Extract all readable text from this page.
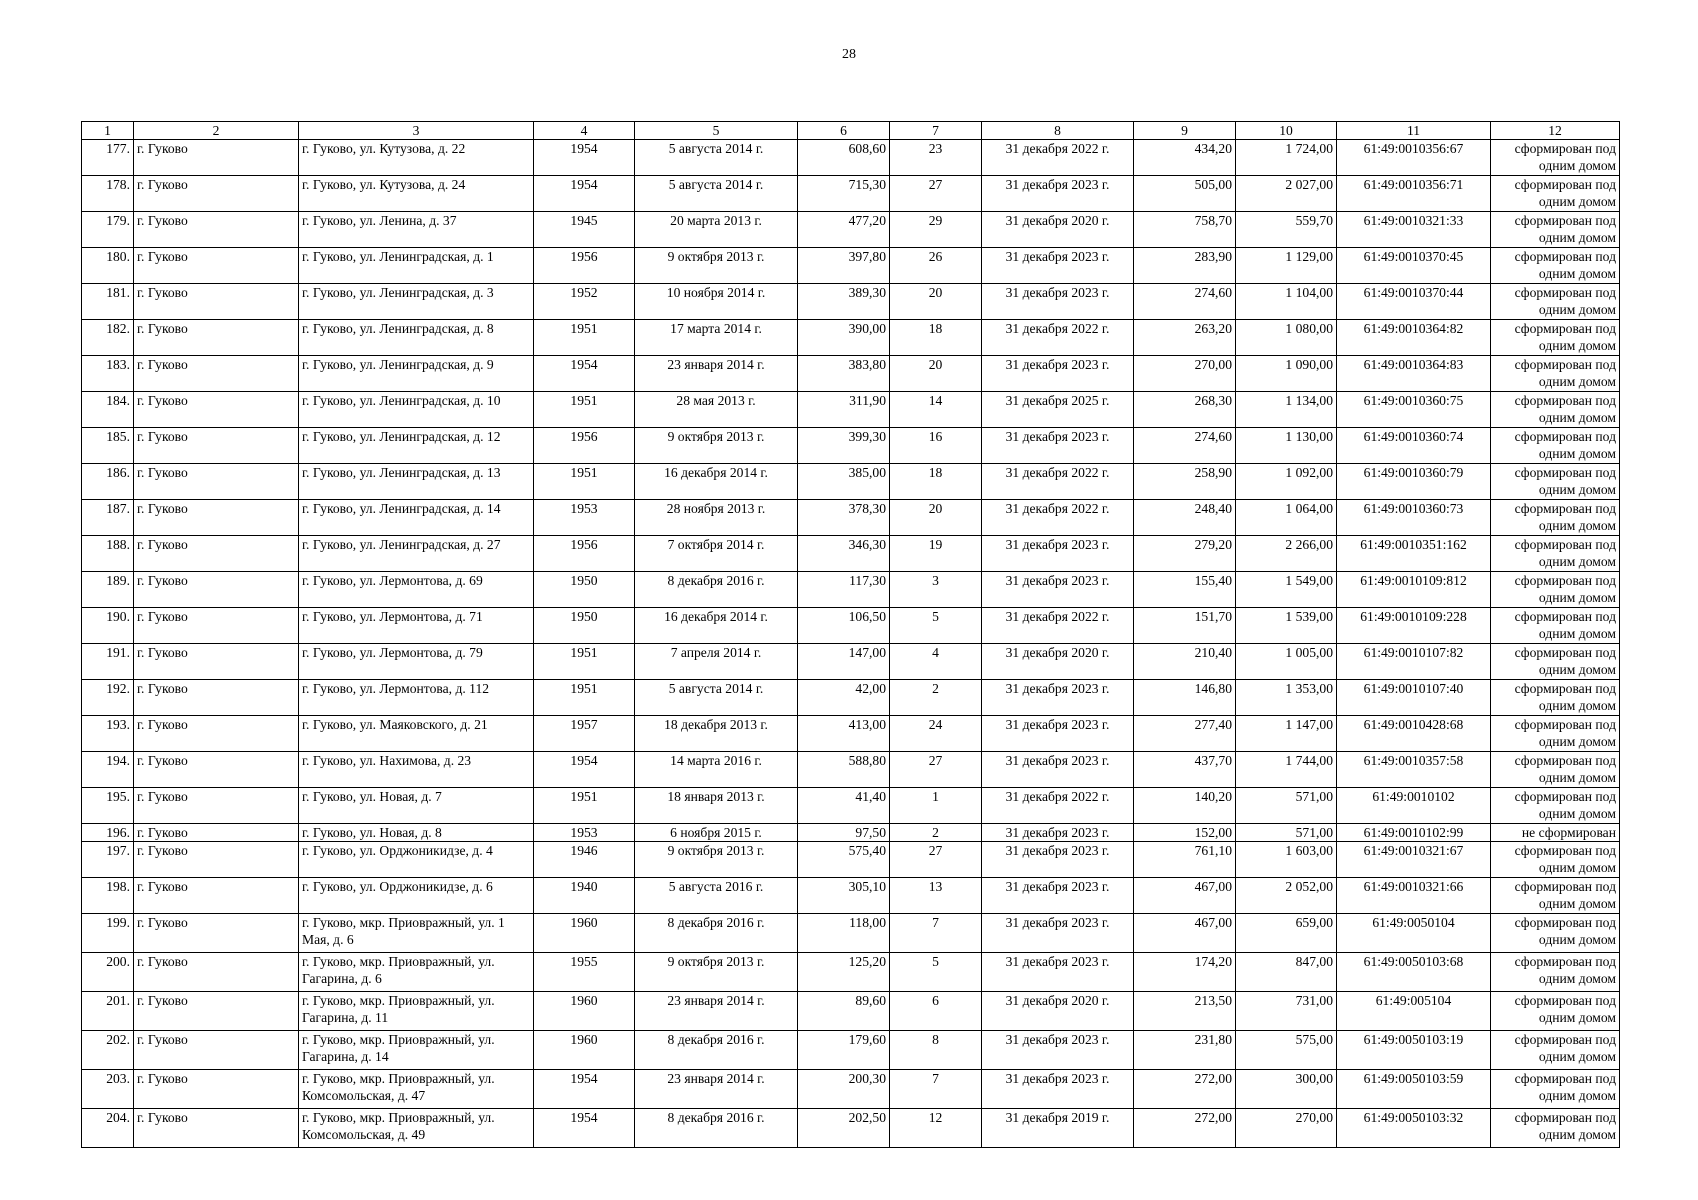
28
1	2	3	4	5	6	7	8	9	10	11	12
177.	г. Гуково	г. Гуково, ул. Кутузова, д. 22	1954	5 августа 2014 г.	608,60	23	31 декабря 2022 г.	434,20	1 724,00	61:49:0010356:67	сформирован под одним домом
178.	г. Гуково	г. Гуково, ул. Кутузова, д. 24	1954	5 августа 2014 г.	715,30	27	31 декабря 2023 г.	505,00	2 027,00	61:49:0010356:71	сформирован под одним домом
179.	г. Гуково	г. Гуково, ул. Ленина, д. 37	1945	20 марта 2013 г.	477,20	29	31 декабря 2020 г.	758,70	559,70	61:49:0010321:33	сформирован под одним домом
180.	г. Гуково	г. Гуково, ул. Ленинградская, д. 1	1956	9 октября 2013 г.	397,80	26	31 декабря 2023 г.	283,90	1 129,00	61:49:0010370:45	сформирован под одним домом
181.	г. Гуково	г. Гуково, ул. Ленинградская, д. 3	1952	10 ноября 2014 г.	389,30	20	31 декабря 2023 г.	274,60	1 104,00	61:49:0010370:44	сформирован под одним домом
182.	г. Гуково	г. Гуково, ул. Ленинградская, д. 8	1951	17 марта 2014 г.	390,00	18	31 декабря 2022 г.	263,20	1 080,00	61:49:0010364:82	сформирован под одним домом
183.	г. Гуково	г. Гуково, ул. Ленинградская, д. 9	1954	23 января 2014 г.	383,80	20	31 декабря 2023 г.	270,00	1 090,00	61:49:0010364:83	сформирован под одним домом
184.	г. Гуково	г. Гуково, ул. Ленинградская, д. 10	1951	28 мая 2013 г.	311,90	14	31 декабря 2025 г.	268,30	1 134,00	61:49:0010360:75	сформирован под одним домом
185.	г. Гуково	г. Гуково, ул. Ленинградская, д. 12	1956	9 октября 2013 г.	399,30	16	31 декабря 2023 г.	274,60	1 130,00	61:49:0010360:74	сформирован под одним домом
186.	г. Гуково	г. Гуково, ул. Ленинградская, д. 13	1951	16 декабря 2014 г.	385,00	18	31 декабря 2022 г.	258,90	1 092,00	61:49:0010360:79	сформирован под одним домом
187.	г. Гуково	г. Гуково, ул. Ленинградская, д. 14	1953	28 ноября 2013 г.	378,30	20	31 декабря 2022 г.	248,40	1 064,00	61:49:0010360:73	сформирован под одним домом
188.	г. Гуково	г. Гуково, ул. Ленинградская, д. 27	1956	7 октября 2014 г.	346,30	19	31 декабря 2023 г.	279,20	2 266,00	61:49:0010351:162	сформирован под одним домом
189.	г. Гуково	г. Гуково, ул. Лермонтова, д. 69	1950	8 декабря 2016 г.	117,30	3	31 декабря 2023 г.	155,40	1 549,00	61:49:0010109:812	сформирован под одним домом
190.	г. Гуково	г. Гуково, ул. Лермонтова, д. 71	1950	16 декабря 2014 г.	106,50	5	31 декабря 2022 г.	151,70	1 539,00	61:49:0010109:228	сформирован под одним домом
191.	г. Гуково	г. Гуково, ул. Лермонтова, д. 79	1951	7 апреля 2014 г.	147,00	4	31 декабря 2020 г.	210,40	1 005,00	61:49:0010107:82	сформирован под одним домом
192.	г. Гуково	г. Гуково, ул. Лермонтова, д. 112	1951	5 августа 2014 г.	42,00	2	31 декабря 2023 г.	146,80	1 353,00	61:49:0010107:40	сформирован под одним домом
193.	г. Гуково	г. Гуково, ул. Маяковского, д. 21	1957	18 декабря 2013 г.	413,00	24	31 декабря 2023 г.	277,40	1 147,00	61:49:0010428:68	сформирован под одним домом
194.	г. Гуково	г. Гуково, ул. Нахимова, д. 23	1954	14 марта 2016 г.	588,80	27	31 декабря 2023 г.	437,70	1 744,00	61:49:0010357:58	сформирован под одним домом
195.	г. Гуково	г. Гуково, ул. Новая, д. 7	1951	18 января 2013 г.	41,40	1	31 декабря 2022 г.	140,20	571,00	61:49:0010102	сформирован под одним домом
196.	г. Гуково	г. Гуково, ул. Новая, д. 8	1953	6 ноября 2015 г.	97,50	2	31 декабря 2023 г.	152,00	571,00	61:49:0010102:99	не сформирован
197.	г. Гуково	г. Гуково, ул. Орджоникидзе, д. 4	1946	9 октября 2013 г.	575,40	27	31 декабря 2023 г.	761,10	1 603,00	61:49:0010321:67	сформирован под одним домом
198.	г. Гуково	г. Гуково, ул. Орджоникидзе, д. 6	1940	5 августа 2016 г.	305,10	13	31 декабря 2023 г.	467,00	2 052,00	61:49:0010321:66	сформирован под одним домом
199.	г. Гуково	г. Гуково, мкр. Приовражный, ул. 1 Мая, д. 6	1960	8 декабря 2016 г.	118,00	7	31 декабря 2023 г.	467,00	659,00	61:49:0050104	сформирован под одним домом
200.	г. Гуково	г. Гуково, мкр. Приовражный, ул. Гагарина, д. 6	1955	9 октября 2013 г.	125,20	5	31 декабря 2023 г.	174,20	847,00	61:49:0050103:68	сформирован под одним домом
201.	г. Гуково	г. Гуково, мкр. Приовражный, ул. Гагарина, д. 11	1960	23 января 2014 г.	89,60	6	31 декабря 2020 г.	213,50	731,00	61:49:005104	сформирован под одним домом
202.	г. Гуково	г. Гуково, мкр. Приовражный, ул. Гагарина, д. 14	1960	8 декабря 2016 г.	179,60	8	31 декабря 2023 г.	231,80	575,00	61:49:0050103:19	сформирован под одним домом
203.	г. Гуково	г. Гуково, мкр. Приовражный, ул. Комсомольская, д. 47	1954	23 января 2014 г.	200,30	7	31 декабря 2023 г.	272,00	300,00	61:49:0050103:59	сформирован под одним домом
204.	г. Гуково	г. Гуково, мкр. Приовражный, ул. Комсомольская, д. 49	1954	8 декабря 2016 г.	202,50	12	31 декабря 2019 г.	272,00	270,00	61:49:0050103:32	сформирован под одним домом
